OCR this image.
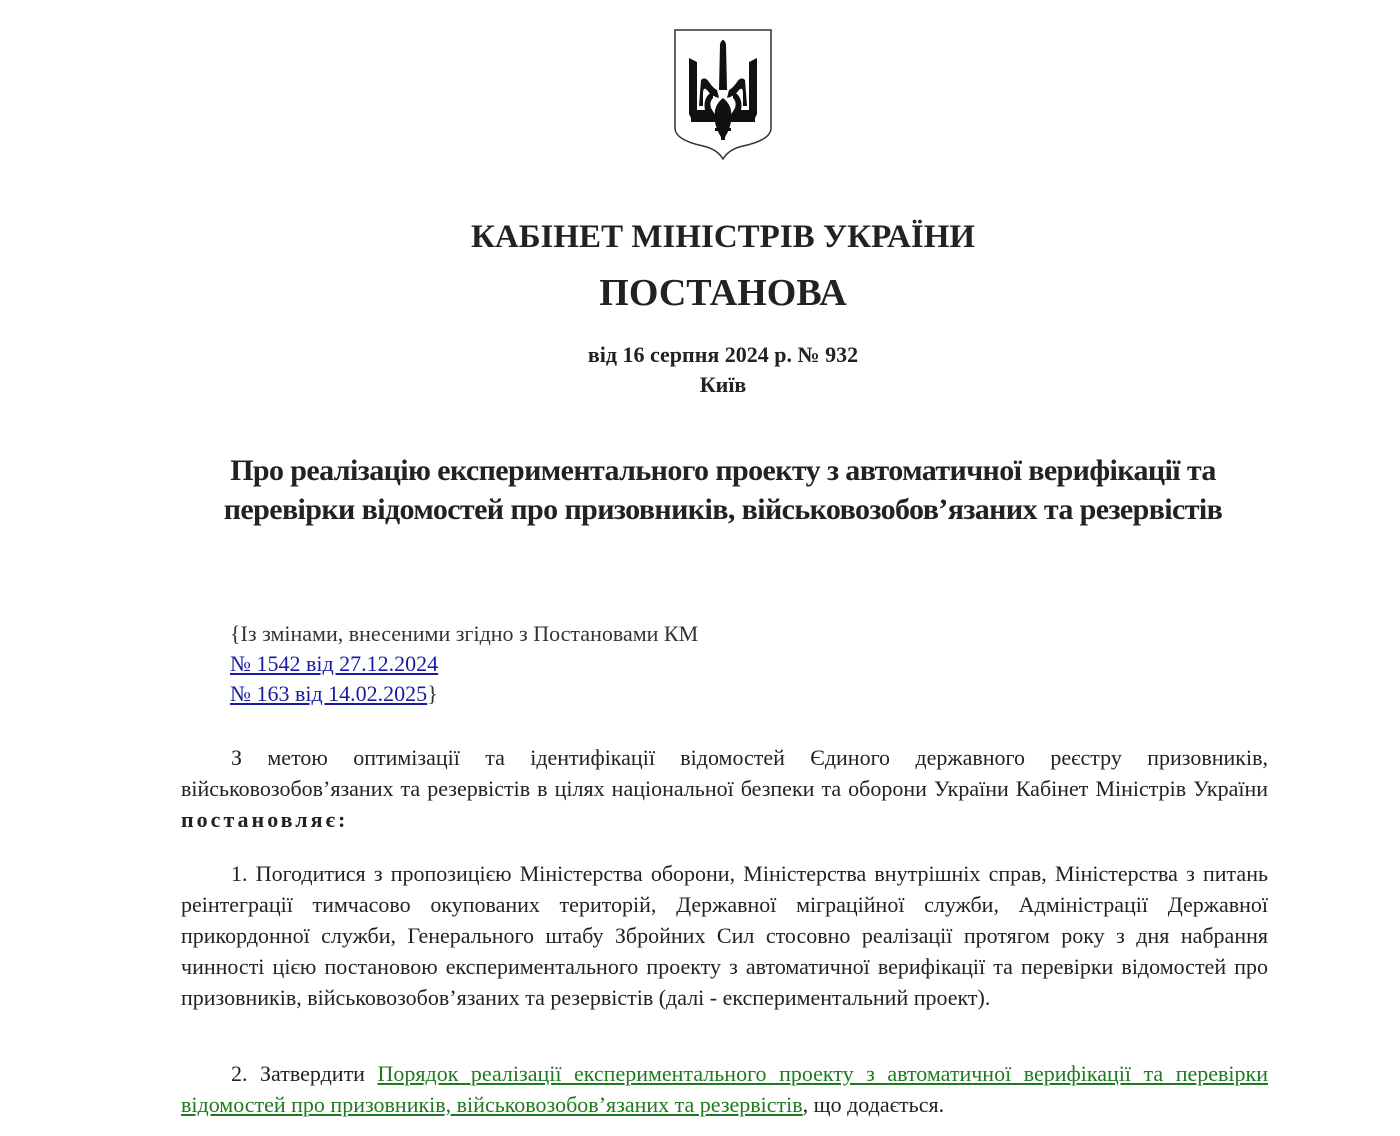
КАБІНЕТ МІНІСТРІВ УКРАЇНИ
ПОСТАНОВА
від 16 серпня 2024 р. № 932
Київ
Про реалізацію експериментального проекту з автоматичної верифікації та перевірки відомостей про призовників, військовозобов’язаних та резервістів
{Із змінами, внесеними згідно з Постановами КМ
№ 1542 від 27.12.2024
№ 163 від 14.02.2025}

З метою оптимізації та ідентифікації відомостей Єдиного державного реєстру призовників, військовозобов’язаних та резервістів в цілях національної безпеки та оборони України Кабінет Міністрів України постановляє:

1. Погодитися з пропозицією Міністерства оборони, Міністерства внутрішніх справ, Міністерства з питань реінтеграції тимчасово окупованих територій, Державної міграційної служби, Адміністрації Державної прикордонної служби, Генерального штабу Збройних Сил стосовно реалізації протягом року з дня набрання чинності цією постановою експериментального проекту з автоматичної верифікації та перевірки відомостей про призовників, військовозобов’язаних та резервістів (далі - експериментальний проект).

2. Затвердити Порядок реалізації експериментального проекту з автоматичної верифікації та перевірки відомостей про призовників, військовозобов’язаних та резервістів, що додається.
